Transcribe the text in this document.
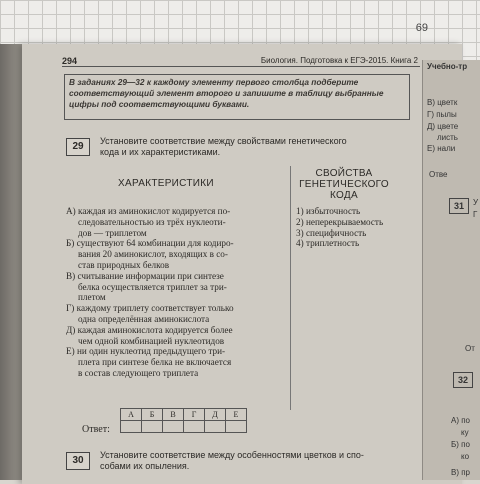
69
Учебно-тр
В) цветк
Г) пылы
Д) цвете
листь
Е) нали
Отве
31	У
Г
От
32
А) по
ку
Б) по
ко
В) пр
294	Биология. Подготовка к ЕГЭ-2015. Книга 2
В заданиях 29—32 к каждому элементу первого столбца подберите соответствующий элемент второго и запишите в таблицу выбранные цифры под соответствующими буквами.
29	Установите соответствие между свойствами генетического
кода и их характеристиками.
ХАРАКТЕРИСТИКИ
СВОЙСТВА
ГЕНЕТИЧЕСКОГО
КОДА
А) каждая из аминокислот кодируется по-
следовательностью из трёх нуклеоти-
дов — триплетом
Б) существуют 64 комбинации для кодиро-
вания 20 аминокислот, входящих в со-
став природных белков
В) считывание информации при синтезе
белка осуществляется триплет за три-
плетом
Г) каждому триплету соответствует только
одна определённая аминокислота
Д) каждая аминокислота кодируется более
чем одной комбинацией нуклеотидов
Е) ни один нуклеотид предыдущего три-
плета при синтезе белка не включается
в состав следующего триплета
1) избыточность
2) неперекрываемость
3) специфичность
4) триплетность
Ответ:
А	Б	В	Г	Д	Е

30	Установите соответствие между особенностями цветков и спо-
собами их опыления.
